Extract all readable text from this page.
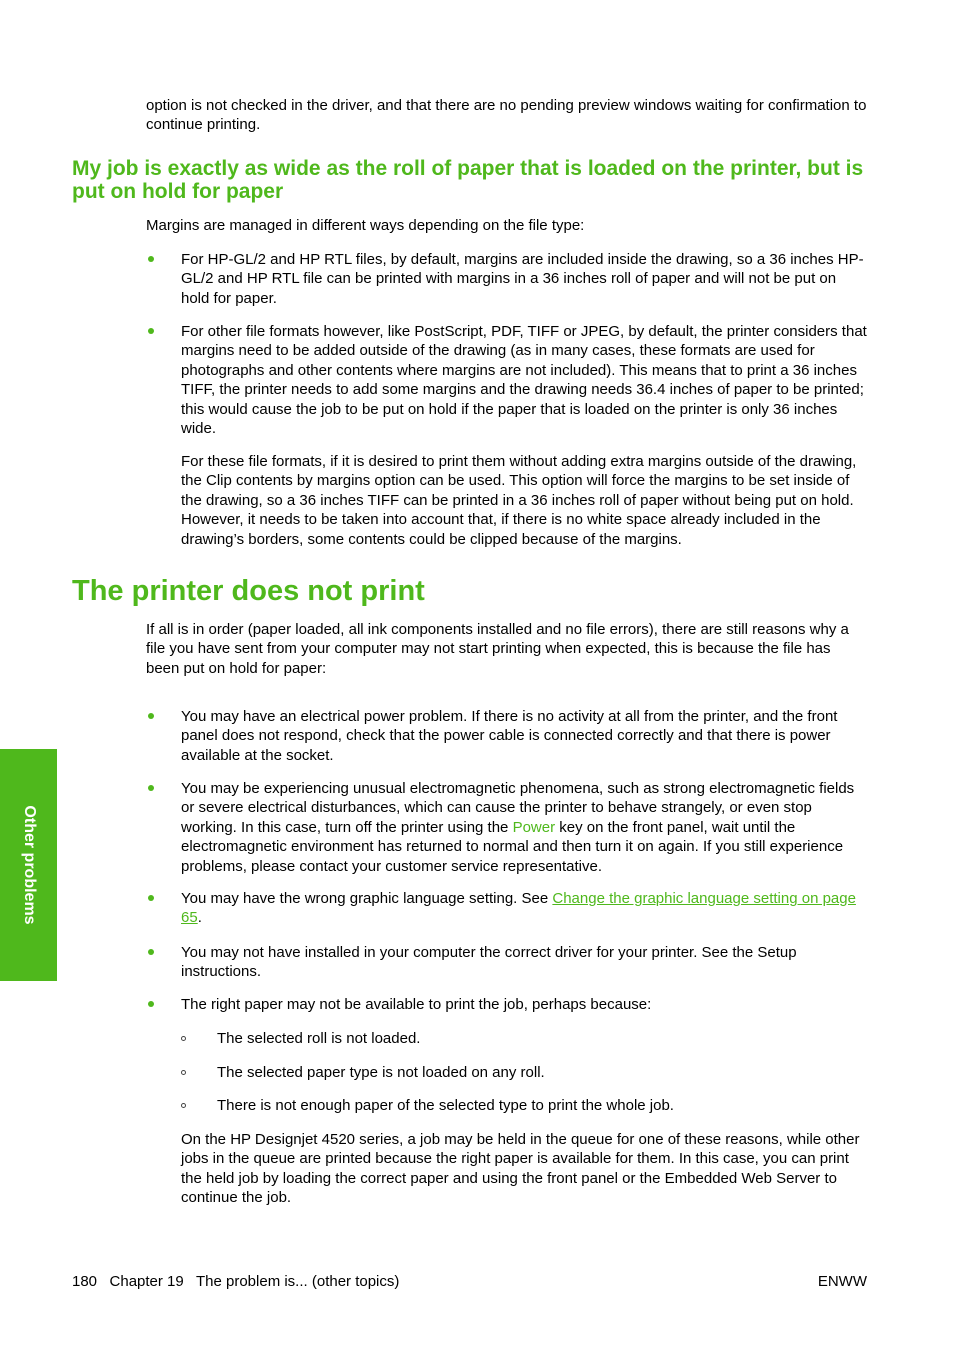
option is not checked in the driver, and that there are no pending preview windows waiting for confirmation to continue printing.

My job is exactly as wide as the roll of paper that is loaded on the printer, but is put on hold for paper

Margins are managed in different ways depending on the file type:

For HP-GL/2 and HP RTL files, by default, margins are included inside the drawing, so a 36 inches HP-GL/2 and HP RTL file can be printed with margins in a 36 inches roll of paper and will not be put on hold for paper.

For other file formats however, like PostScript, PDF, TIFF or JPEG, by default, the printer considers that margins need to be added outside of the drawing (as in many cases, these formats are used for photographs and other contents where margins are not included). This means that to print a 36 inches TIFF, the printer needs to add some margins and the drawing needs 36.4 inches of paper to be printed; this would cause the job to be put on hold if the paper that is loaded on the printer is only 36 inches wide.

For these file formats, if it is desired to print them without adding extra margins outside of the drawing, the Clip contents by margins option can be used. This option will force the margins to be set inside of the drawing, so a 36 inches TIFF can be printed in a 36 inches roll of paper without being put on hold. However, it needs to be taken into account that, if there is no white space already included in the drawing’s borders, some contents could be clipped because of the margins.

The printer does not print

If all is in order (paper loaded, all ink components installed and no file errors), there are still reasons why a file you have sent from your computer may not start printing when expected, this is because the file has been put on hold for paper:

You may have an electrical power problem. If there is no activity at all from the printer, and the front panel does not respond, check that the power cable is connected correctly and that there is power available at the socket.

You may be experiencing unusual electromagnetic phenomena, such as strong electromagnetic fields or severe electrical disturbances, which can cause the printer to behave strangely, or even stop working. In this case, turn off the printer using the Power key on the front panel, wait until the electromagnetic environment has returned to normal and then turn it on again. If you still experience problems, please contact your customer service representative.

You may have the wrong graphic language setting. See Change the graphic language setting on page 65.

You may not have installed in your computer the correct driver for your printer. See the Setup instructions.

The right paper may not be available to print the job, perhaps because:

The selected roll is not loaded.

The selected paper type is not loaded on any roll.

There is not enough paper of the selected type to print the whole job.

On the HP Designjet 4520 series, a job may be held in the queue for one of these reasons, while other jobs in the queue are printed because the right paper is available for them. In this case, you can print the held job by loading the correct paper and using the front panel or the Embedded Web Server to continue the job.

Other problems
180   Chapter 19   The problem is... (other topics)	ENWW
